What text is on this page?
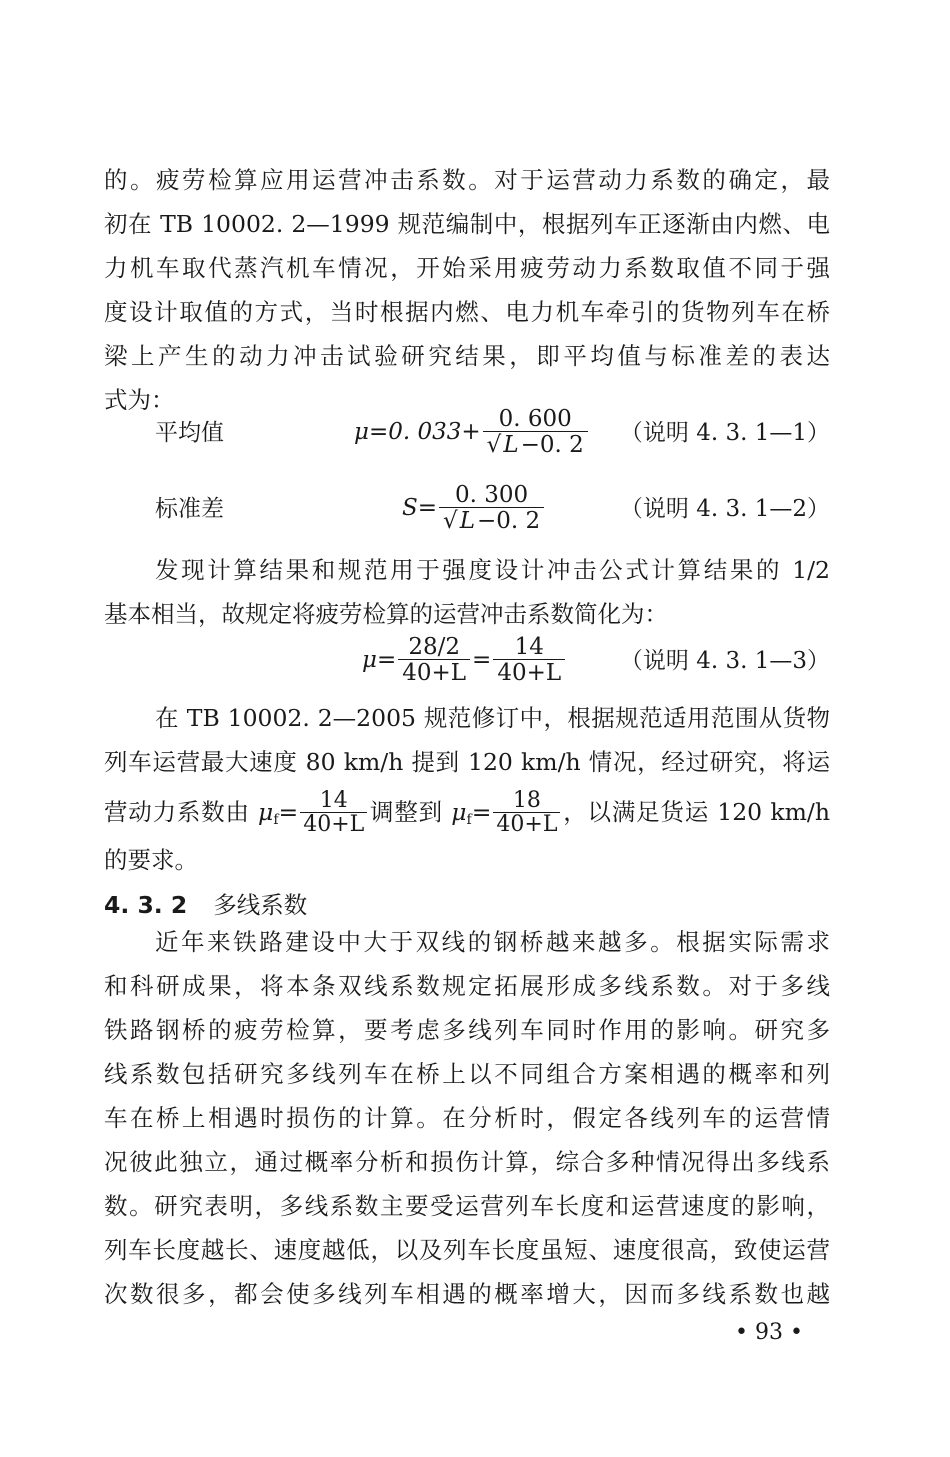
的。疲劳检算应用运营冲击系数。对于运营动力系数的确定，最
初在 TB 10002. 2—1999 规范编制中，根据列车正逐渐由内燃、电
力机车取代蒸汽机车情况，开始采用疲劳动力系数取值不同于强
度设计取值的方式，当时根据内燃、电力机车牵引的货物列车在桥
梁上产生的动力冲击试验研究结果，即平均值与标准差的表达
式为：
平均值	μ=0. $033+ \frac{0. 600}{√L-0. 2}$ （说明 4. 3. 1—1）
标准差	$S= \frac{0. 300}{√L-0. 2}$	（说明 4. 3. 1—2）
发现计算结果和规范用于强度设计冲击公式计算结果的 1/2
基本相当，故规定将疲劳检算的运营冲击系数简化为：
$\mu= \frac{28/2}{40+L} = \frac{14}{40+L}$ （说明 4. 3. 1—3）
在 TB 10002. 2—2005 规范修订中，根据规范适用范围从货物
列车运营最大速度 80 km/h 提到 120 km/h 情况，经过研究，将运
营动力系数由 $\mu_f= \frac{14}{40+L}$ 调整到 $\mu_f= \frac{18}{40+L}$ ，以满足货运 120 km/h
的要求。
4. 3. 2 多线系数
近年来铁路建设中大于双线的钢桥越来越多。根据实际需求
和科研成果，将本条双线系数规定拓展形成多线系数。对于多线
铁路钢桥的疲劳检算，要考虑多线列车同时作用的影响。研究多
线系数包括研究多线列车在桥上以不同组合方案相遇的概率和列
车在桥上相遇时损伤的计算。在分析时，假定各线列车的运营情
况彼此独立，通过概率分析和损伤计算，综合多种情况得出多线系
数。研究表明，多线系数主要受运营列车长度和运营速度的影响，
列车长度越长、速度越低，以及列车长度虽短、速度很高，致使运营
次数很多，都会使多线列车相遇的概率增大，因而多线系数也越
• 93 •
